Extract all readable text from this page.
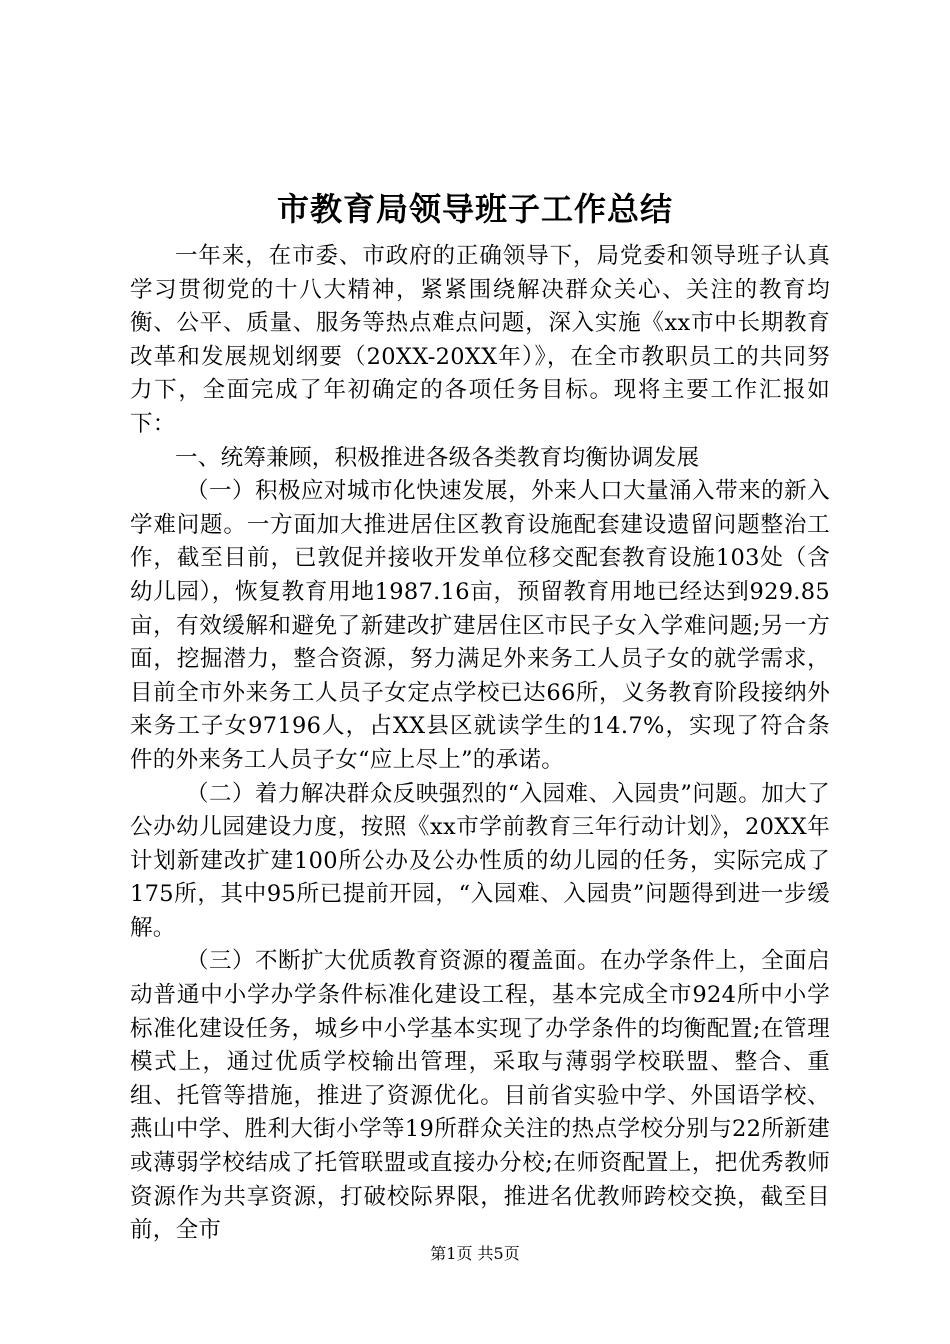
市教育局领导班子工作总结

一年来，在市委、市政府的正确领导下，局党委和领导班子认真学习贯彻党的十八大精神，紧紧围绕解决群众关心、关注的教育均衡、公平、质量、服务等热点难点问题，深入实施《xx市中长期教育改革和发展规划纲要（20XX-20XX年）》，在全市教职员工的共同努力下，全面完成了年初确定的各项任务目标。现将主要工作汇报如下：

一、统筹兼顾，积极推进各级各类教育均衡协调发展

（一）积极应对城市化快速发展，外来人口大量涌入带来的新入学难问题。一方面加大推进居住区教育设施配套建设遗留问题整治工作，截至目前，已敦促并接收开发单位移交配套教育设施103处（含幼儿园），恢复教育用地1987.16亩，预留教育用地已经达到929.85亩，有效缓解和避免了新建改扩建居住区市民子女入学难问题;另一方面，挖掘潜力，整合资源，努力满足外来务工人员子女的就学需求，目前全市外来务工人员子女定点学校已达66所，义务教育阶段接纳外来务工子女97196人，占XX县区就读学生的14.7%，实现了符合条件的外来务工人员子女“应上尽上”的承诺。

（二）着力解决群众反映强烈的“入园难、入园贵”问题。加大了公办幼儿园建设力度，按照《xx市学前教育三年行动计划》，20XX年计划新建改扩建100所公办及公办性质的幼儿园的任务，实际完成了175所，其中95所已提前开园，“入园难、入园贵”问题得到进一步缓解。

（三）不断扩大优质教育资源的覆盖面。在办学条件上，全面启动普通中小学办学条件标准化建设工程，基本完成全市924所中小学标准化建设任务，城乡中小学基本实现了办学条件的均衡配置;在管理模式上，通过优质学校输出管理，采取与薄弱学校联盟、整合、重组、托管等措施，推进了资源优化。目前省实验中学、外国语学校、燕山中学、胜利大街小学等19所群众关注的热点学校分别与22所新建或薄弱学校结成了托管联盟或直接办分校;在师资配置上，把优秀教师资源作为共享资源，打破校际界限，推进名优教师跨校交换，截至目前，全市

第1页 共5页
